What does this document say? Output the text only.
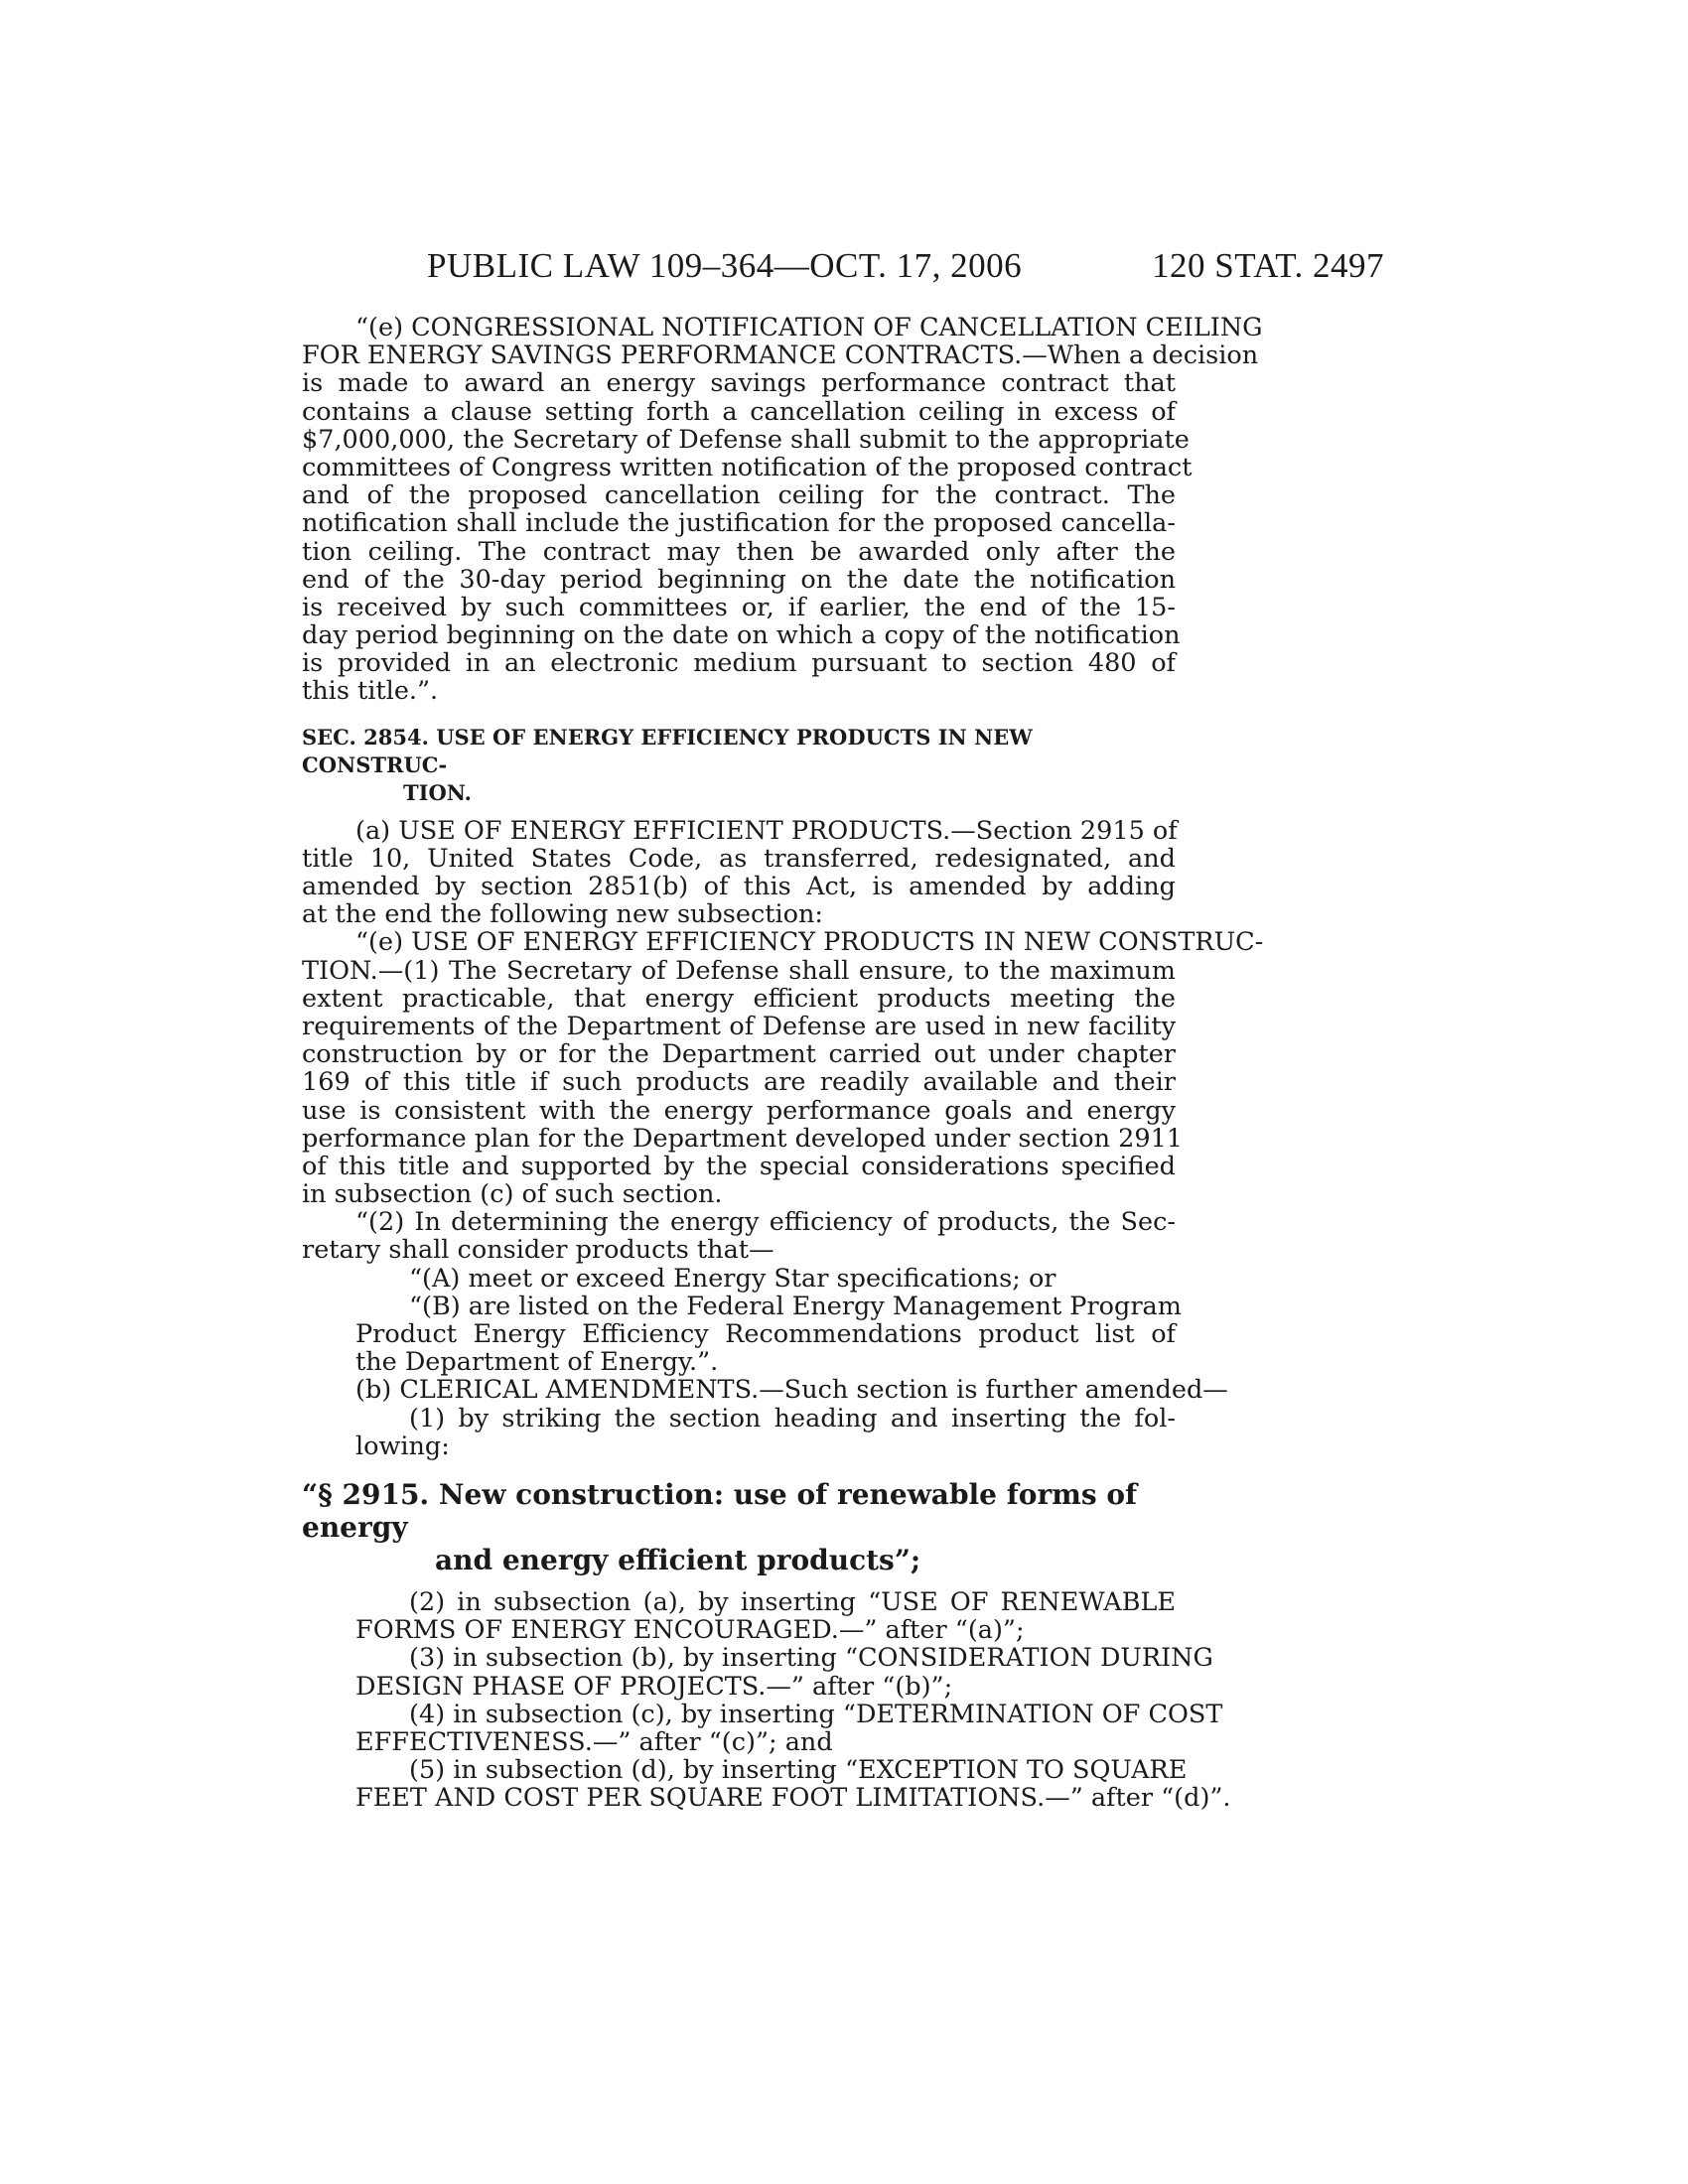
PUBLIC LAW 109–364—OCT. 17, 2006	120 STAT. 2497
“(e) CONGRESSIONAL NOTIFICATION OF CANCELLATION CEILING
FOR ENERGY SAVINGS PERFORMANCE CONTRACTS.—When a decision
is made to award an energy savings performance contract that
contains a clause setting forth a cancellation ceiling in excess of
$7,000,000, the Secretary of Defense shall submit to the appropriate
committees of Congress written notification of the proposed contract
and of the proposed cancellation ceiling for the contract. The
notification shall include the justification for the proposed cancella-
tion ceiling. The contract may then be awarded only after the
end of the 30-day period beginning on the date the notification
is received by such committees or, if earlier, the end of the 15-
day period beginning on the date on which a copy of the notification
is provided in an electronic medium pursuant to section 480 of
this title.”.
SEC. 2854. USE OF ENERGY EFFICIENCY PRODUCTS IN NEW CONSTRUC-
TION.
(a) USE OF ENERGY EFFICIENT PRODUCTS.—Section 2915 of
title 10, United States Code, as transferred, redesignated, and
amended by section 2851(b) of this Act, is amended by adding
at the end the following new subsection:
“(e) USE OF ENERGY EFFICIENCY PRODUCTS IN NEW CONSTRUC-
TION.—(1) The Secretary of Defense shall ensure, to the maximum
extent practicable, that energy efficient products meeting the
requirements of the Department of Defense are used in new facility
construction by or for the Department carried out under chapter
169 of this title if such products are readily available and their
use is consistent with the energy performance goals and energy
performance plan for the Department developed under section 2911
of this title and supported by the special considerations specified
in subsection (c) of such section.
“(2) In determining the energy efficiency of products, the Sec-
retary shall consider products that—
“(A) meet or exceed Energy Star specifications; or
“(B) are listed on the Federal Energy Management Program
Product Energy Efficiency Recommendations product list of
the Department of Energy.”.
(b) CLERICAL AMENDMENTS.—Such section is further amended—
(1) by striking the section heading and inserting the fol-
lowing:
“§ 2915. New construction: use of renewable forms of energy
and energy efficient products”;
(2) in subsection (a), by inserting “USE OF RENEWABLE
FORMS OF ENERGY ENCOURAGED.—” after “(a)”;
(3) in subsection (b), by inserting “CONSIDERATION DURING
DESIGN PHASE OF PROJECTS.—” after “(b)”;
(4) in subsection (c), by inserting “DETERMINATION OF COST
EFFECTIVENESS.—” after “(c)”; and
(5) in subsection (d), by inserting “EXCEPTION TO SQUARE
FEET AND COST PER SQUARE FOOT LIMITATIONS.—” after “(d)”.
